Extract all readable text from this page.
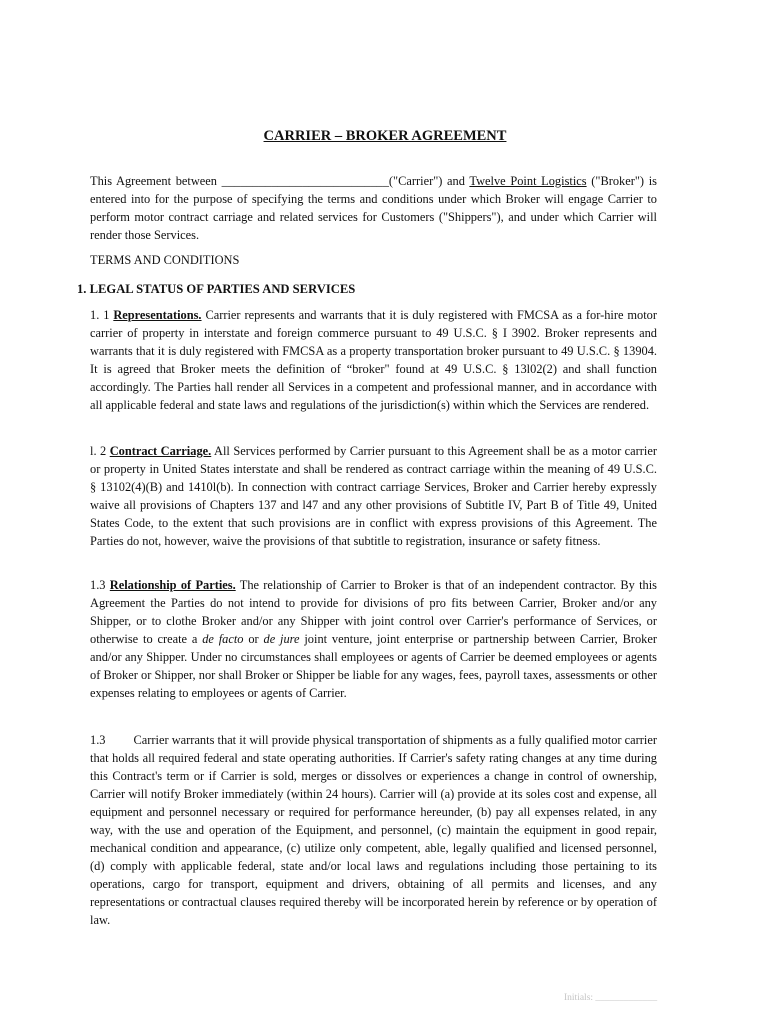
CARRIER – BROKER AGREEMENT

This Agreement between ___________________________("Carrier") and Twelve Point Logistics ("Broker") is entered into for the purpose of specifying the terms and conditions under which Broker will engage Carrier to perform motor contract carriage and related services for Customers ("Shippers"), and under which Carrier will render those Services.

TERMS AND CONDITIONS

1. LEGAL STATUS OF PARTIES AND SERVICES

1. 1 Representations. Carrier represents and warrants that it is duly registered with FMCSA as a for-hire motor carrier of property in interstate and foreign commerce pursuant to 49 U.S.C. § I 3902. Broker represents and warrants that it is duly registered with FMCSA as a property transportation broker pursuant to 49 U.S.C. § 13904. It is agreed that Broker meets the definition of “broker" found at 49 U.S.C. § 13l02(2) and shall function accordingly. The Parties hall render all Services in a competent and professional manner, and in accordance with all applicable federal and state laws and regulations of the jurisdiction(s) within which the Services are rendered.

l. 2 Contract Carriage. All Services performed by Carrier pursuant to this Agreement shall be as a motor carrier or property in United States interstate and shall be rendered as contract carriage within the meaning of 49 U.S.C. § 13102(4)(B) and 1410l(b). In connection with contract carriage Services, Broker and Carrier hereby expressly waive all provisions of Chapters 137 and l47 and any other provisions of Subtitle IV, Part B of Title 49, United States Code, to the extent that such provisions are in conflict with express provisions of this Agreement. The Parties do not, however, waive the provisions of that subtitle to registration, insurance or safety fitness.

1.3 Relationship of Parties. The relationship of Carrier to Broker is that of an independent contractor. By this Agreement the Parties do not intend to provide for divisions of pro fits between Carrier, Broker and/or any Shipper, or to clothe Broker and/or any Shipper with joint control over Carrier's performance of Services, or otherwise to create a de facto or de jure joint venture, joint enterprise or partnership between Carrier, Broker and/or any Shipper. Under no circumstances shall employees or agents of Carrier be deemed employees or agents of Broker or Shipper, nor shall Broker or Shipper be liable for any wages, fees, payroll taxes, assessments or other expenses relating to employees or agents of Carrier.

1.3 Carrier warrants that it will provide physical transportation of shipments as a fully qualified motor carrier that holds all required federal and state operating authorities. If Carrier's safety rating changes at any time during this Contract's term or if Carrier is sold, merges or dissolves or experiences a change in control of ownership, Carrier will notify Broker immediately (within 24 hours). Carrier will (a) provide at its soles cost and expense, all equipment and personnel necessary or required for performance hereunder, (b) pay all expenses related, in any way, with the use and operation of the Equipment, and personnel, (c) maintain the equipment in good repair, mechanical condition and appearance, (c) utilize only competent, able, legally qualified and licensed personnel, (d) comply with applicable federal, state and/or local laws and regulations including those pertaining to its operations, cargo for transport, equipment and drivers, obtaining of all permits and licenses, and any representations or contractual clauses required thereby will be incorporated herein by reference or by operation of law.

Initials: _____________
